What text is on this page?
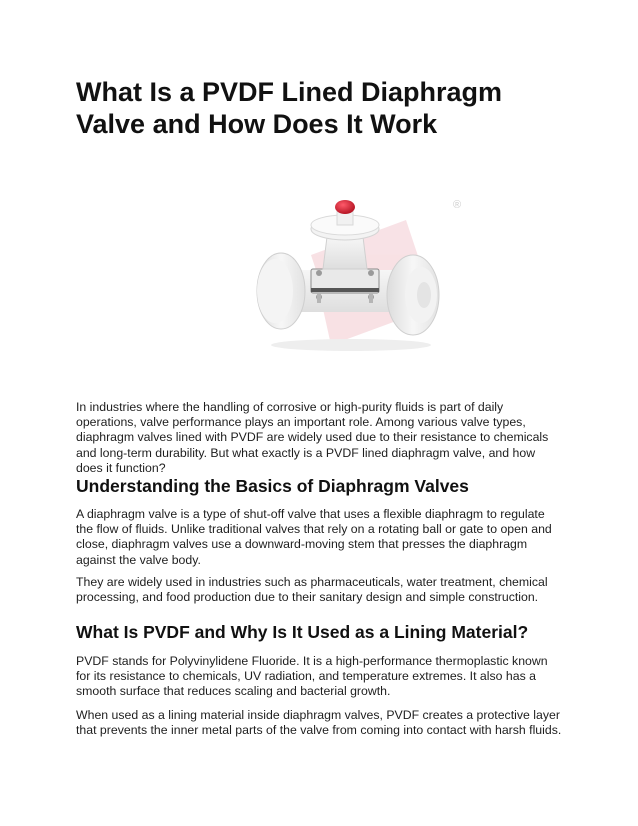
What Is a PVDF Lined Diaphragm Valve and How Does It Work
®

In industries where the handling of corrosive or high-purity fluids is part of daily operations, valve performance plays an important role. Among various valve types, diaphragm valves lined with PVDF are widely used due to their resistance to chemicals and long-term durability. But what exactly is a PVDF lined diaphragm valve, and how does it function?

Understanding the Basics of Diaphragm Valves

A diaphragm valve is a type of shut-off valve that uses a flexible diaphragm to regulate the flow of fluids. Unlike traditional valves that rely on a rotating ball or gate to open and close, diaphragm valves use a downward-moving stem that presses the diaphragm against the valve body.

They are widely used in industries such as pharmaceuticals, water treatment, chemical processing, and food production due to their sanitary design and simple construction.

What Is PVDF and Why Is It Used as a Lining Material?

PVDF stands for Polyvinylidene Fluoride. It is a high-performance thermoplastic known for its resistance to chemicals, UV radiation, and temperature extremes. It also has a smooth surface that reduces scaling and bacterial growth.

When used as a lining material inside diaphragm valves, PVDF creates a protective layer that prevents the inner metal parts of the valve from coming into contact with harsh fluids.
